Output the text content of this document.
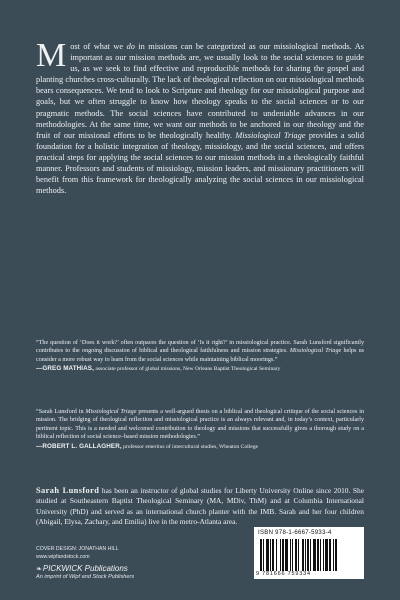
Most of what we do in missions can be categorized as our missiological methods. As important as our mission methods are, we usually look to the social sciences to guide us, as we seek to find effective and reproducible methods for sharing the gospel and planting churches cross-culturally. The lack of theological reflection on our missiological methods bears consequences. We tend to look to Scripture and theology for our missiological purpose and goals, but we often struggle to know how theology speaks to the social sciences or to our pragmatic methods. The social sciences have contributed to undeniable advances in our methodologies. At the same time, we want our methods to be anchored in our theology and the fruit of our missional efforts to be theologically healthy. Missiological Triage provides a solid foundation for a holistic integration of theology, missiology, and the social sciences, and offers practical steps for applying the social sciences to our mission methods in a theologically faithful manner. Professors and students of missiology, mission leaders, and missionary practitioners will benefit from this framework for theologically analyzing the social sciences in our missiological methods.
“The question of ‘Does it work?’ often outpaces the question of ‘Is it right?’ in missiological practice. Sarah Lunsford significantly contributes to the ongoing discussion of biblical and theological faithfulness and mission strategies. Missiological Triage helps us consider a more robust way to learn from the social sciences while maintaining biblical moorings.”
—GREG MATHIAS, associate professor of global missions, New Orleans Baptist Theological Seminary
“Sarah Lunsford in Missiological Triage presents a well-argued thesis on a biblical and theological critique of the social sciences in mission. The bridging of theological reflection and missiological practice is an always relevant and, in today’s context, particularly pertinent topic. This is a needed and welcomed contribution to theology and missions that successfully gives a thorough study on a biblical reflection of social science–based mission methodologies.”
—ROBERT L. GALLAGHER, professor emeritus of intercultural studies, Wheaton College
Sarah Lunsford has been an instructor of global studies for Liberty University Online since 2010. She studied at Southeastern Baptist Theological Seminary (MA, MDiv, ThM) and at Columbia International University (PhD) and served as an international church planter with the IMB. Sarah and her four children (Abigail, Elysa, Zachary, and Emilia) live in the metro-Atlanta area.
COVER DESIGN: JONATHAN HILL
www.wipfandstock.com
❧PICKWICK Publications
An imprint of Wipf and Stock Publishers
ISBN 978-1-6667-5933-4
9 781666 759334
